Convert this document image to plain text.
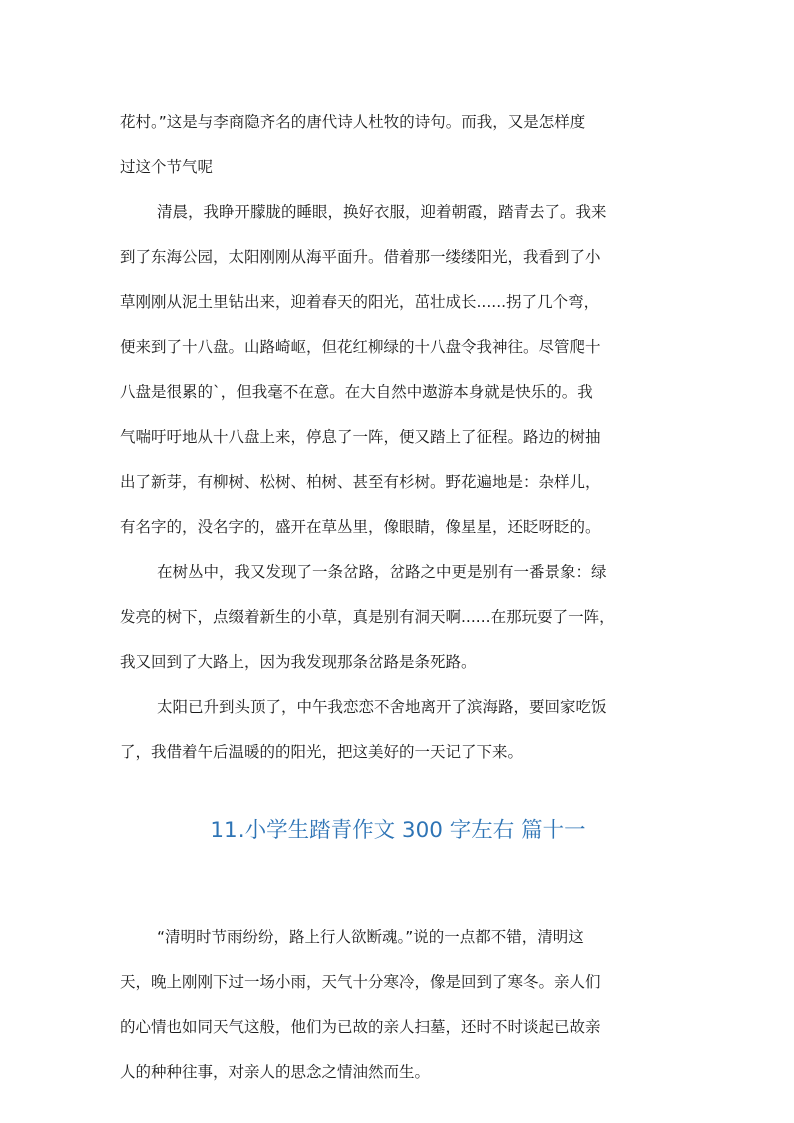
花村。”这是与李商隐齐名的唐代诗人杜牧的诗句。而我，又是怎样度
过这个节气呢
清晨，我睁开朦胧的睡眼，换好衣服，迎着朝霞，踏青去了。我来
到了东海公园，太阳刚刚从海平面升。借着那一缕缕阳光，我看到了小
草刚刚从泥土里钻出来，迎着春天的阳光，茁壮成长......拐了几个弯，
便来到了十八盘。山路崎岖，但花红柳绿的十八盘令我神往。尽管爬十
八盘是很累的`，但我毫不在意。在大自然中遨游本身就是快乐的。我
气喘吁吁地从十八盘上来，停息了一阵，便又踏上了征程。路边的树抽
出了新芽，有柳树、松树、柏树、甚至有杉树。野花遍地是：杂样儿，
有名字的，没名字的，盛开在草丛里，像眼睛，像星星，还眨呀眨的。
在树丛中，我又发现了一条岔路，岔路之中更是别有一番景象：绿
发亮的树下，点缀着新生的小草，真是别有洞天啊......在那玩耍了一阵，
我又回到了大路上，因为我发现那条岔路是条死路。
太阳已升到头顶了，中午我恋恋不舍地离开了滨海路，要回家吃饭
了，我借着午后温暖的的阳光，把这美好的一天记了下来。
11.小学生踏青作文 300 字左右 篇十一
“清明时节雨纷纷，路上行人欲断魂。”说的一点都不错，清明这
天，晚上刚刚下过一场小雨，天气十分寒冷，像是回到了寒冬。亲人们
的心情也如同天气这般，他们为已故的亲人扫墓，还时不时谈起已故亲
人的种种往事，对亲人的思念之情油然而生。
